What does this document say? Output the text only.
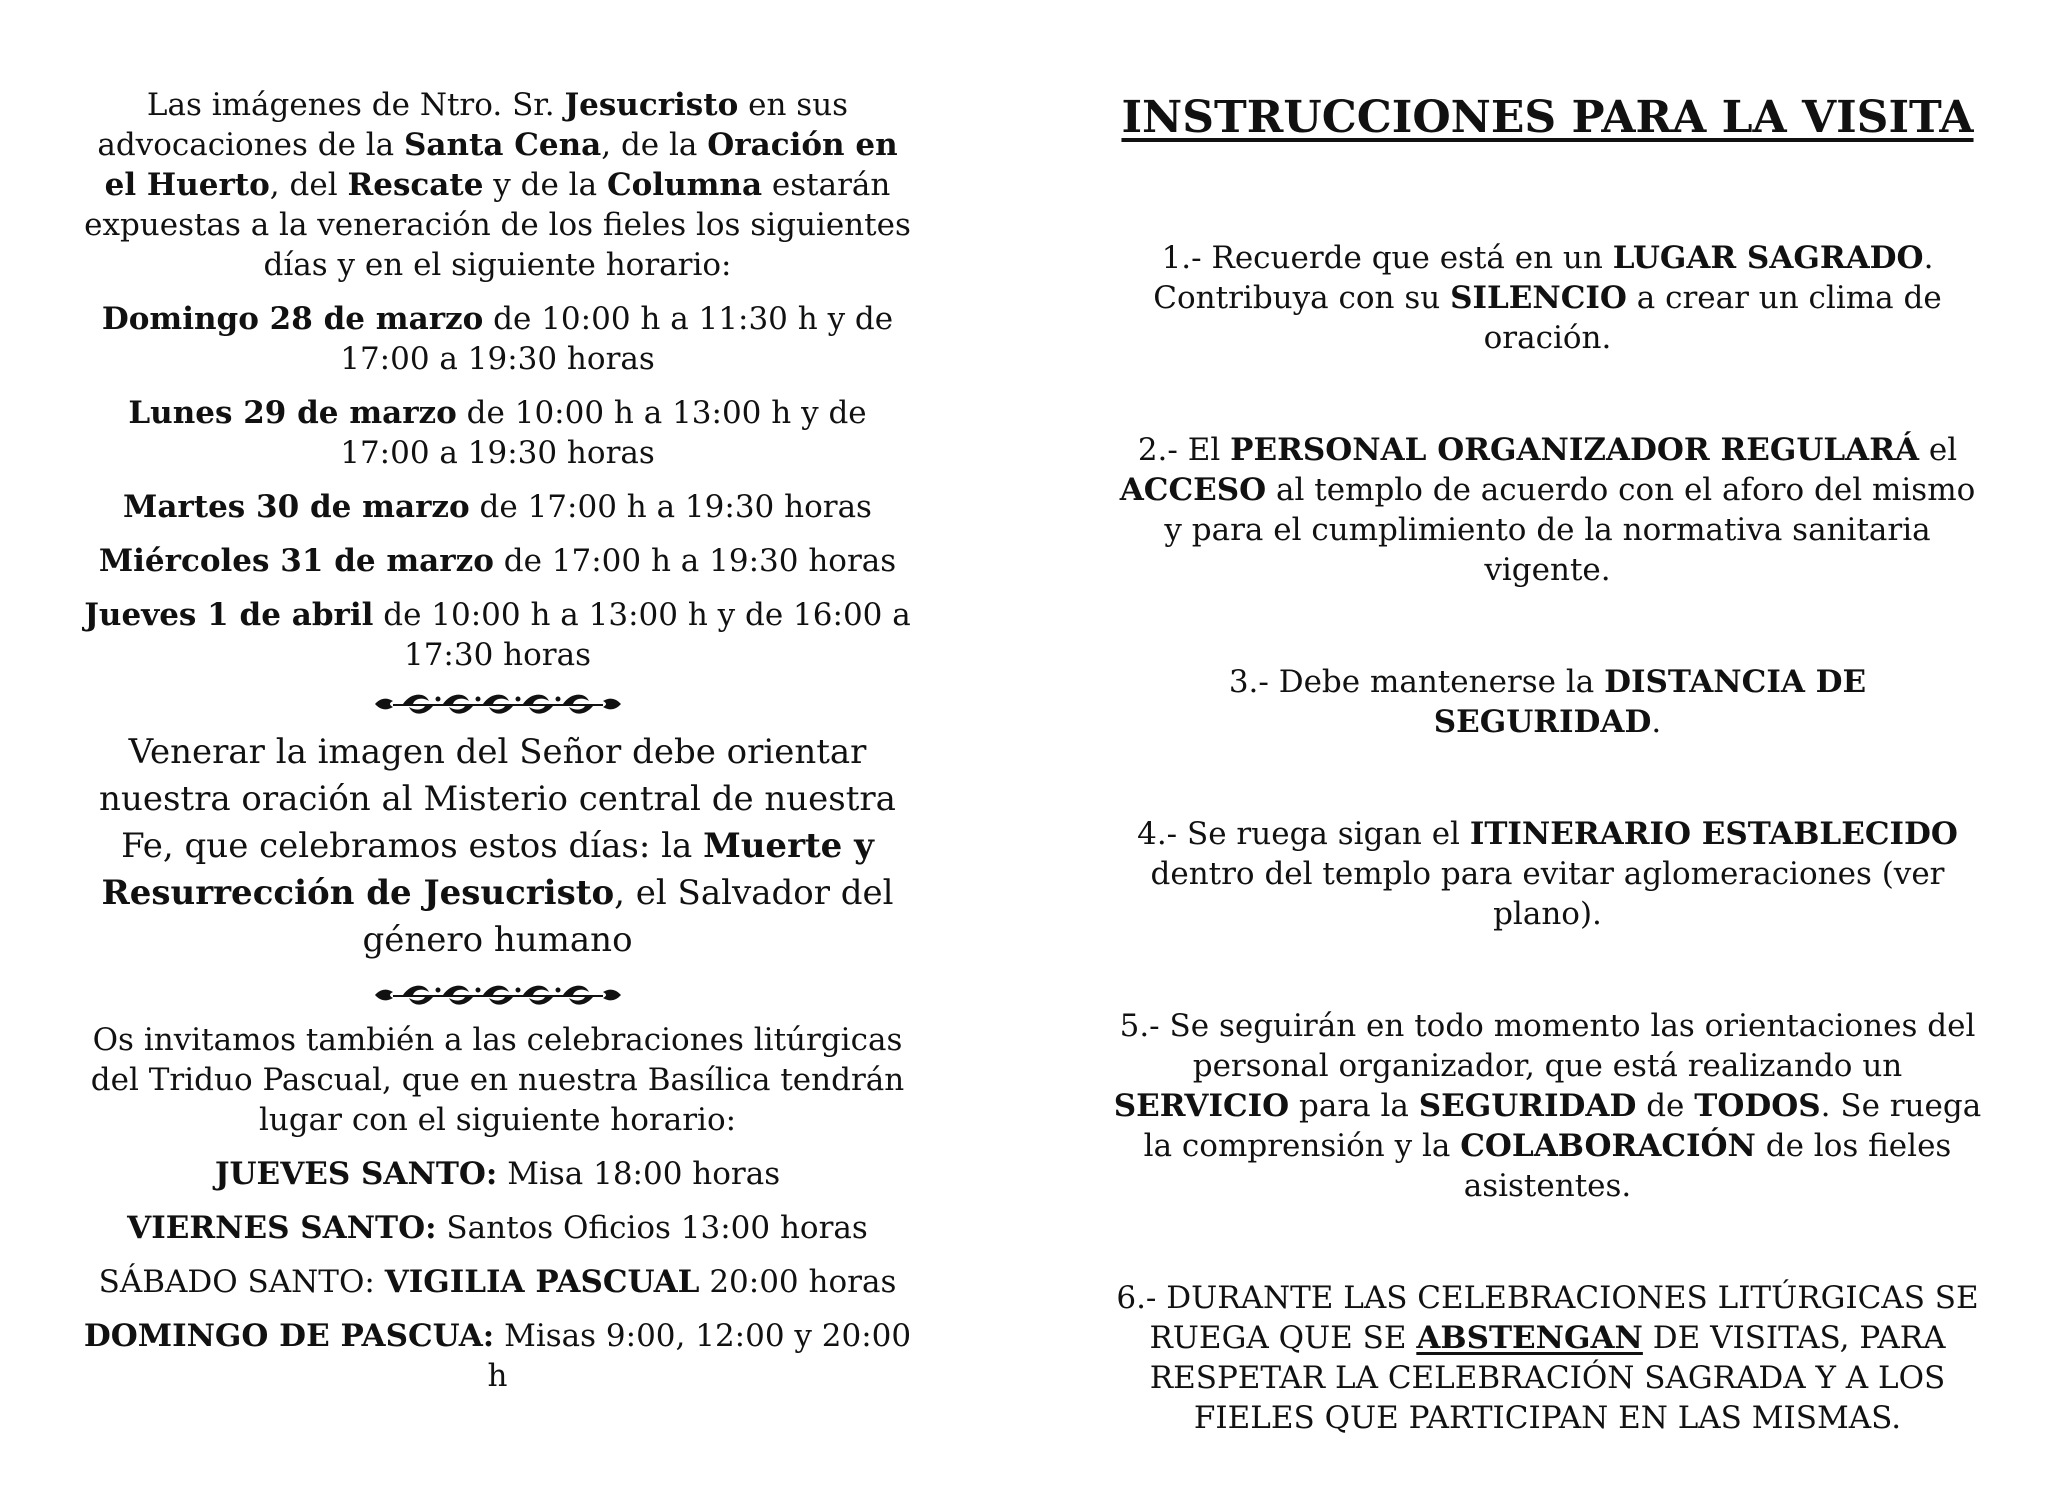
Las imágenes de Ntro. Sr. Jesucristo en sus advocaciones de la Santa Cena, de la Oración en el Huerto, del Rescate y de la Columna estarán expuestas a la veneración de los fieles los siguientes días y en el siguiente horario:

Domingo 28 de marzo de 10:00 h a 11:30 h y de 17:00 a 19:30 horas

Lunes 29 de marzo de 10:00 h a 13:00 h y de 17:00 a 19:30 horas

Martes 30 de marzo de 17:00 h a 19:30 horas

Miércoles 31 de marzo de 17:00 h a 19:30 horas

Jueves 1 de abril de 10:00 h a 13:00 h y de 16:00 a 17:30 horas

Venerar la imagen del Señor debe orientar nuestra oración al Misterio central de nuestra Fe, que celebramos estos días: la Muerte y Resurrección de Jesucristo, el Salvador del género humano

Os invitamos también a las celebraciones litúrgicas del Triduo Pascual, que en nuestra Basílica tendrán lugar con el siguiente horario:

JUEVES SANTO: Misa 18:00 horas

VIERNES SANTO: Santos Oficios 13:00 horas

SÁBADO SANTO: VIGILIA PASCUAL 20:00 horas

DOMINGO DE PASCUA: Misas 9:00, 12:00 y 20:00 h

INSTRUCCIONES PARA LA VISITA

1.- Recuerde que está en un LUGAR SAGRADO. Contribuya con su SILENCIO a crear un clima de oración.

2.- El PERSONAL ORGANIZADOR REGULARÁ el ACCESO al templo de acuerdo con el aforo del mismo y para el cumplimiento de la normativa sanitaria vigente.

3.- Debe mantenerse la DISTANCIA DE SEGURIDAD.

4.- Se ruega sigan el ITINERARIO ESTABLECIDO dentro del templo para evitar aglomeraciones (ver plano).

5.- Se seguirán en todo momento las orientaciones del personal organizador, que está realizando un SERVICIO para la SEGURIDAD de TODOS. Se ruega la comprensión y la COLABORACIÓN de los fieles asistentes.

6.- DURANTE LAS CELEBRACIONES LITÚRGICAS SE RUEGA QUE SE ABSTENGAN DE VISITAS, PARA RESPETAR LA CELEBRACIÓN SAGRADA Y A LOS FIELES QUE PARTICIPAN EN LAS MISMAS.
